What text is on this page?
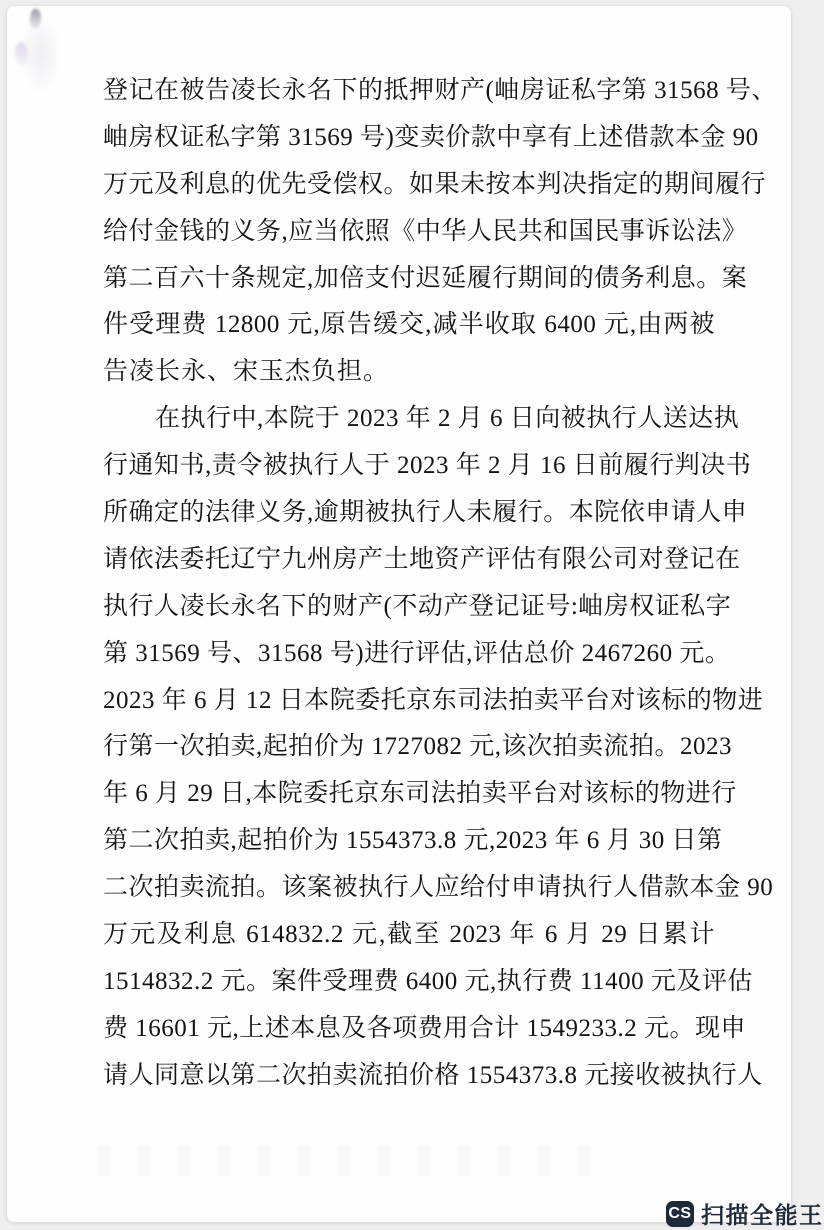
登记在被告凌长永名下的抵押财产(岫房证私字第 31568 号、
岫房权证私字第 31569 号)变卖价款中享有上述借款本金 90
万元及利息的优先受偿权。如果未按本判决指定的期间履行
给付金钱的义务,应当依照《中华人民共和国民事诉讼法》
第二百六十条规定,加倍支付迟延履行期间的债务利息。案
件受理费 12800 元,原告缓交,减半收取 6400 元,由两被
告凌长永、宋玉杰负担。
在执行中,本院于 2023 年 2 月 6 日向被执行人送达执
行通知书,责令被执行人于 2023 年 2 月 16 日前履行判决书
所确定的法律义务,逾期被执行人未履行。本院依申请人申
请依法委托辽宁九州房产土地资产评估有限公司对登记在
执行人凌长永名下的财产(不动产登记证号:岫房权证私字
第 31569 号、31568 号)进行评估,评估总价 2467260 元。
2023 年 6 月 12 日本院委托京东司法拍卖平台对该标的物进
行第一次拍卖,起拍价为 1727082 元,该次拍卖流拍。2023
年 6 月 29 日,本院委托京东司法拍卖平台对该标的物进行
第二次拍卖,起拍价为 1554373.8 元,2023 年 6 月 30 日第
二次拍卖流拍。该案被执行人应给付申请执行人借款本金 90
万元及利息 614832.2 元,截至 2023 年 6 月 29 日累计
1514832.2 元。案件受理费 6400 元,执行费 11400 元及评估
费 16601 元,上述本息及各项费用合计 1549233.2 元。现申
请人同意以第二次拍卖流拍价格 1554373.8 元接收被执行人
CS 扫描全能王
